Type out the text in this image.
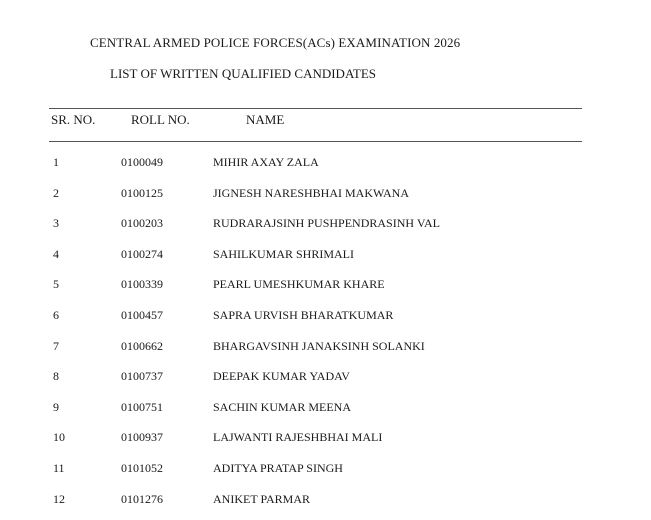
CENTRAL ARMED POLICE FORCES(ACs) EXAMINATION 2026
LIST OF WRITTEN QUALIFIED CANDIDATES
SR. NO.	ROLL NO.	NAME
1	0100049	MIHIR AXAY ZALA
2	0100125	JIGNESH NARESHBHAI MAKWANA
3	0100203	RUDRARAJSINH PUSHPENDRASINH VAL
4	0100274	SAHILKUMAR SHRIMALI
5	0100339	PEARL UMESHKUMAR KHARE
6	0100457	SAPRA URVISH BHARATKUMAR
7	0100662	BHARGAVSINH JANAKSINH SOLANKI
8	0100737	DEEPAK KUMAR YADAV
9	0100751	SACHIN KUMAR MEENA
10	0100937	LAJWANTI RAJESHBHAI MALI
11	0101052	ADITYA PRATAP SINGH
12	0101276	ANIKET PARMAR
